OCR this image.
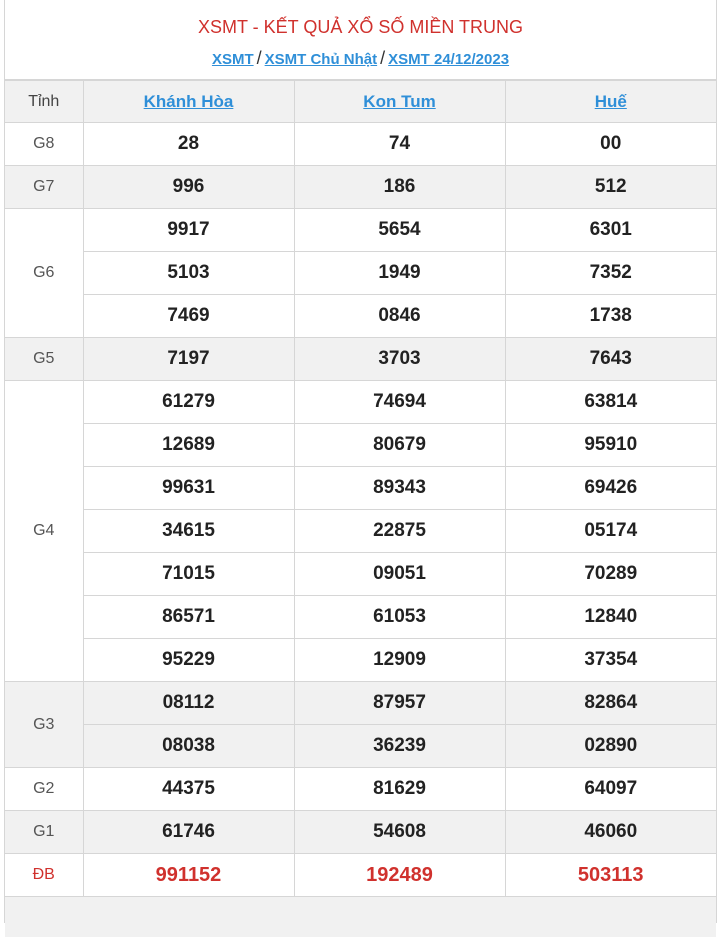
XSMT - KẾT QUẢ XỔ SỐ MIỀN TRUNG
XSMT / XSMT Chủ Nhật / XSMT 24/12/2023
Tỉnh	Khánh Hòa	Kon Tum	Huế
G8	28	74	00
G7	996	186	512
G6	9917	5654	6301
	5103	1949	7352
	7469	0846	1738
G5	7197	3703	7643
G4	61279	74694	63814
	12689	80679	95910
	99631	89343	69426
	34615	22875	05174
	71015	09051	70289
	86571	61053	12840
	95229	12909	37354
G3	08112	87957	82864
	08038	36239	02890
G2	44375	81629	64097
G1	61746	54608	46060
ĐB	991152	192489	503113
